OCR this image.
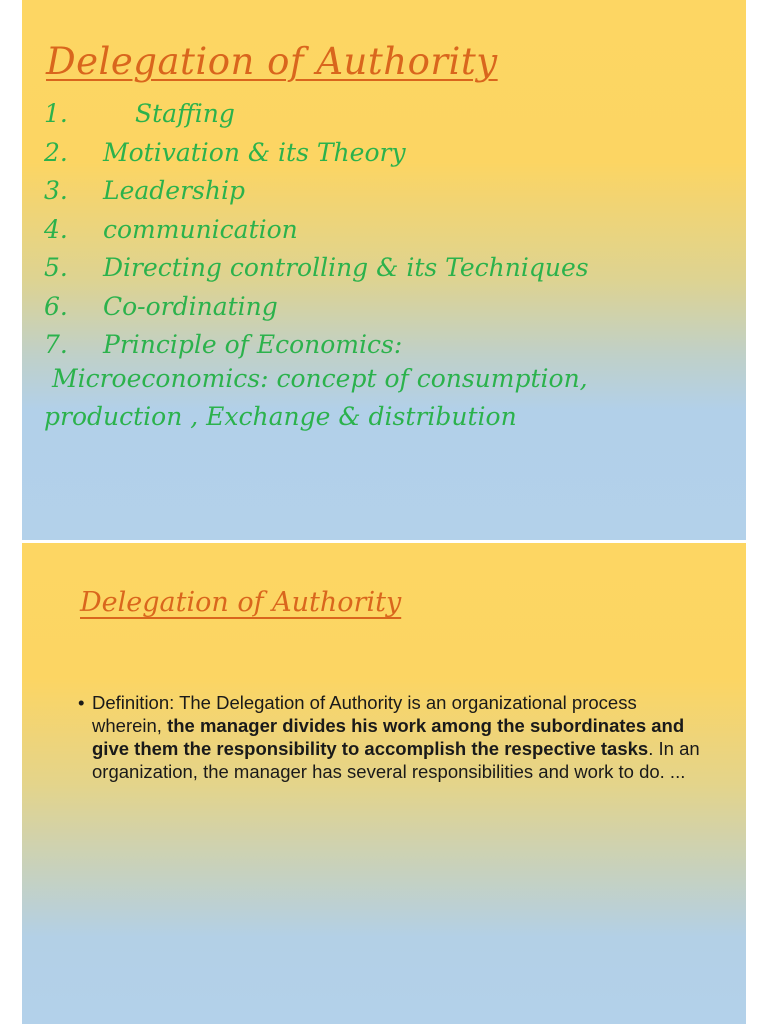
Delegation of Authority
1.	Staffing
2.	Motivation & its Theory
3.	Leadership
4.	communication
5.	Directing controlling & its Techniques
6.	Co-ordinating
7.	Principle of Economics:
Microeconomics: concept of consumption,
production , Exchange & distribution
Delegation of Authority
• Definition: The Delegation of Authority is an organizational process wherein, the manager divides his work among the subordinates and give them the responsibility to accomplish the respective tasks. In an organization, the manager has several responsibilities and work to do. ...
